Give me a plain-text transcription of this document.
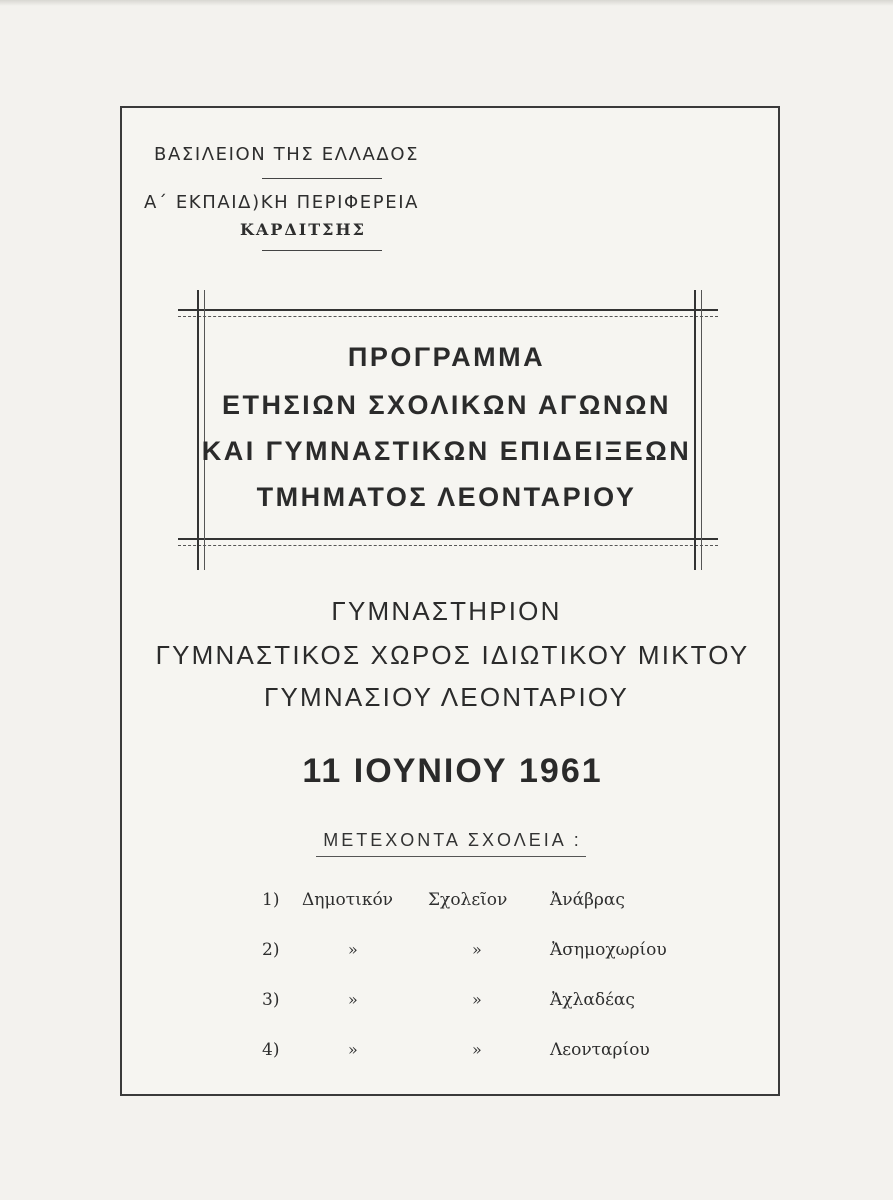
ΒΑΣΙΛΕΙΟΝ ΤΗΣ ΕΛΛΑΔΟΣ
Α΄ ΕΚΠΑΙΔ)ΚΗ ΠΕΡΙΦΕΡΕΙΑ
ΚΑΡΔΙΤΣΗΣ
ΠΡΟΓΡΑΜΜΑ
ΕΤΗΣΙΩΝ ΣΧΟΛΙΚΩΝ ΑΓΩΝΩΝ
ΚΑΙ ΓΥΜΝΑΣΤΙΚΩΝ ΕΠΙΔΕΙΞΕΩΝ
ΤΜΗΜΑΤΟΣ ΛΕΟΝΤΑΡΙΟΥ
ΓΥΜΝΑΣΤΗΡΙΟΝ
ΓΥΜΝΑΣΤΙΚΟΣ ΧΩΡΟΣ ΙΔΙΩΤΙΚΟΥ ΜΙΚΤΟΥ
ΓΥΜΝΑΣΙΟΥ ΛΕΟΝΤΑΡΙΟΥ
11 ΙΟΥΝΙΟΥ 1961
ΜΕΤΕΧΟΝΤΑ ΣΧΟΛΕΙΑ :
1) Δημοτικόν Σχολεῖον	Ἀνάβρας
2)	»	»	Ἀσημοχωρίου
3)	»	»	Ἀχλαδέας
4)	»	»	Λεονταρίου
